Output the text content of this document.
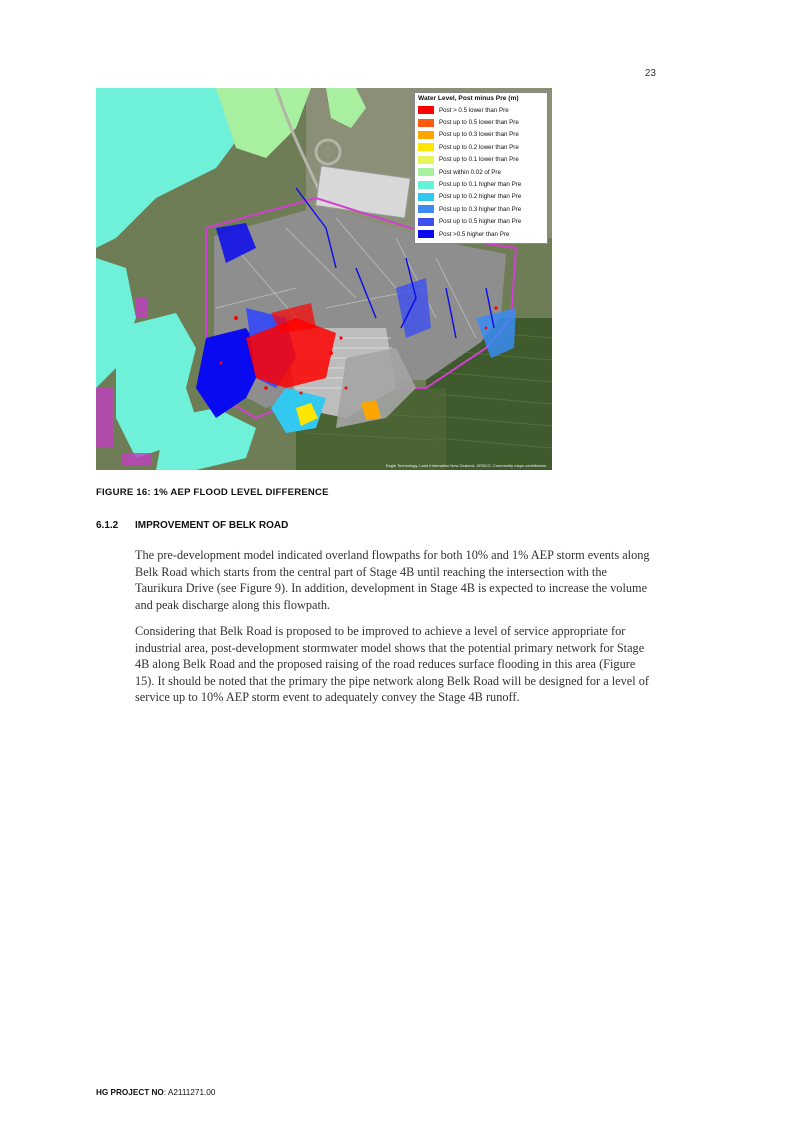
23
Water Level, Post minus Pre (m)
Post > 0.5 lower than Pre
Post up to 0.5 lower than Pre
Post up to 0.3 lower than Pre
Post up to 0.2 lower than Pre
Post up to 0.1 lower than Pre
Post within 0.02 of Pre
Post up to 0.1 higher than Pre
Post up to 0.2 higher than Pre
Post up to 0.3 higher than Pre
Post up to 0.5 higher than Pre
Post >0.5 higher than Pre
Eagle Technology, Land Information New Zealand, GEBCO, Community maps contributors
FIGURE 16: 1% AEP FLOOD LEVEL DIFFERENCE
6.1.2 IMPROVEMENT OF BELK ROAD

The pre-development model indicated overland flowpaths for both 10% and 1% AEP storm events along Belk Road which starts from the central part of Stage 4B until reaching the intersection with the Taurikura Drive (see Figure 9). In addition, development in Stage 4B is expected to increase the volume and peak discharge along this flowpath.

Considering that Belk Road is proposed to be improved to achieve a level of service appropriate for industrial area, post-development stormwater model shows that the potential primary network for Stage 4B along Belk Road and the proposed raising of the road reduces surface flooding in this area (Figure 15). It should be noted that the primary the pipe network along Belk Road will be designed for a level of service up to 10% AEP storm event to adequately convey the Stage 4B runoff.

HG PROJECT NO: A2111271.00
